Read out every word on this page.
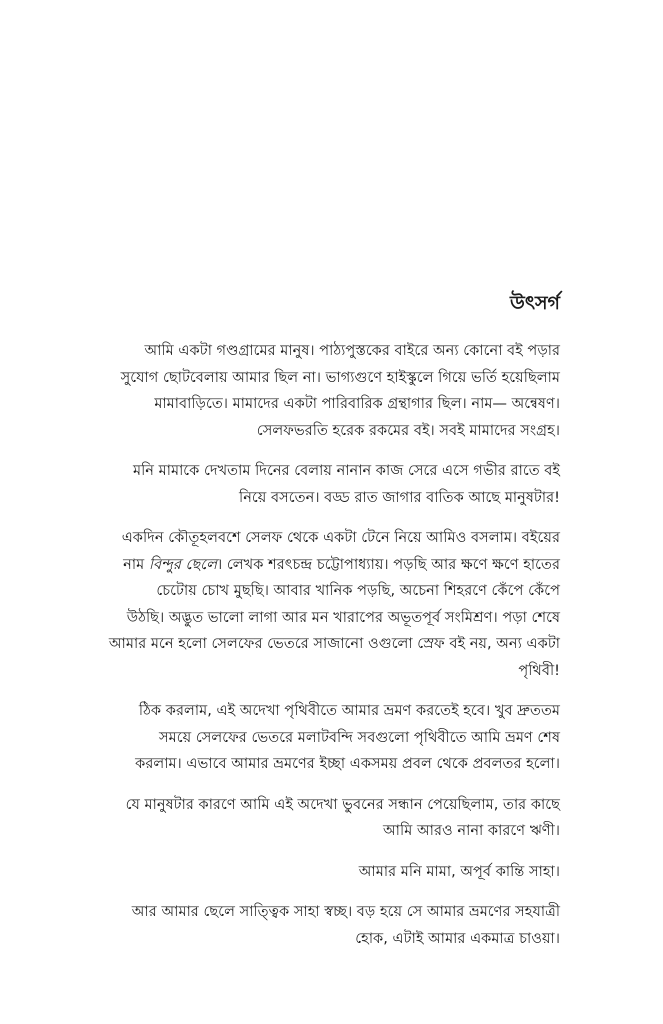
উৎসর্গ

আমি একটা গণ্ডগ্রামের মানুষ। পাঠ্যপুস্তকের বাইরে অন্য কোনো বই পড়ার
সুযোগ ছোটবেলায় আমার ছিল না। ভাগ্যগুণে হাইস্কুলে গিয়ে ভর্তি হয়েছিলাম
মামাবাড়িতে। মামাদের একটা পারিবারিক গ্রন্থাগার ছিল। নাম— অন্বেষণ।
সেলফভরতি হরেক রকমের বই। সবই মামাদের সংগ্রহ।

মনি মামাকে দেখতাম দিনের বেলায় নানান কাজ সেরে এসে গভীর রাতে বই
নিয়ে বসতেন। বড্ড রাত জাগার বাতিক আছে মানুষটার!

একদিন কৌতূহলবশে সেলফ থেকে একটা টেনে নিয়ে আমিও বসলাম। বইয়ের
নাম বিন্দুর ছেলে। লেখক শরৎচন্দ্র চট্টোপাধ্যায়। পড়ছি আর ক্ষণে ক্ষণে হাতের
চেটোয় চোখ মুছছি। আবার খানিক পড়ছি, অচেনা শিহরণে কেঁপে কেঁপে
উঠছি। অদ্ভুত ভালো লাগা আর মন খারাপের অভূতপূর্ব সংমিশ্রণ। পড়া শেষে
আমার মনে হলো সেলফের ভেতরে সাজানো ওগুলো স্রেফ বই নয়, অন্য একটা
পৃথিবী!

ঠিক করলাম, এই অদেখা পৃথিবীতে আমার ভ্রমণ করতেই হবে। খুব দ্রুততম
সময়ে সেলফের ভেতরে মলাটবন্দি সবগুলো পৃথিবীতে আমি ভ্রমণ শেষ
করলাম। এভাবে আমার ভ্রমণের ইচ্ছা একসময় প্রবল থেকে প্রবলতর হলো।

যে মানুষটার কারণে আমি এই অদেখা ভুবনের সন্ধান পেয়েছিলাম, তার কাছে
আমি আরও নানা কারণে ঋণী।

আমার মনি মামা, অপূর্ব কান্তি সাহা।

আর আমার ছেলে সাত্ত্বিক সাহা স্বচ্ছ। বড় হয়ে সে আমার ভ্রমণের সহযাত্রী
হোক, এটাই আমার একমাত্র চাওয়া।
